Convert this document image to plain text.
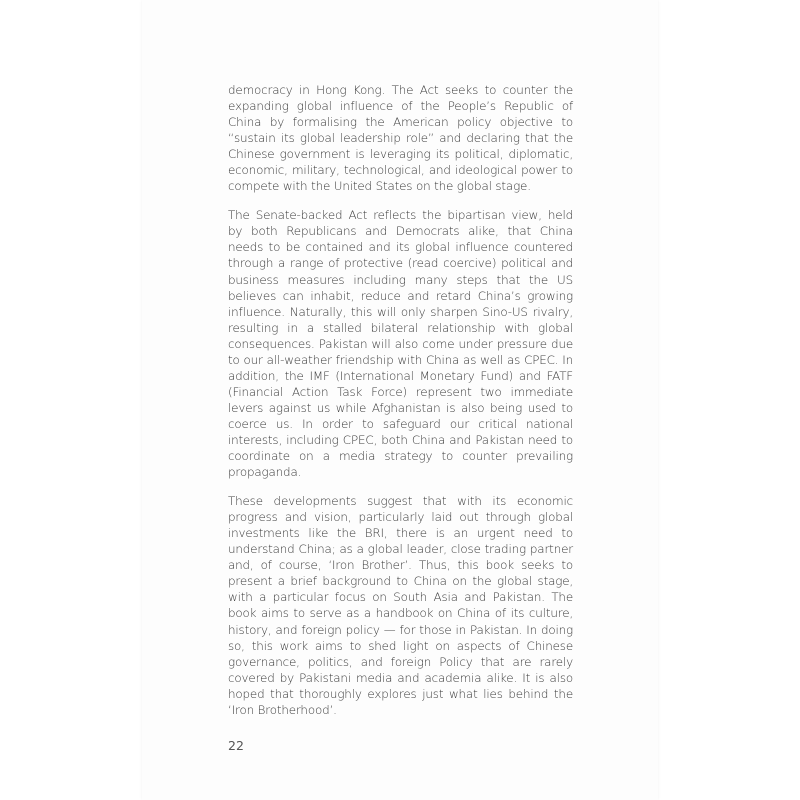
democracy in Hong Kong. The Act seeks to counter the expanding global influence of the People’s Republic of China by formalising the American policy objective to “sustain its global leadership role” and declaring that the Chinese government is leveraging its political, diplomatic, economic, military, technological, and ideological power to compete with the United States on the global stage.

The Senate-backed Act reflects the bipartisan view, held by both Republicans and Democrats alike, that China needs to be contained and its global influence countered through a range of protective (read coercive) political and business measures including many steps that the US believes can inhabit, reduce and retard China’s growing influence. Naturally, this will only sharpen Sino-US rivalry, resulting in a stalled bilateral relationship with global consequences. Pakistan will also come under pressure due to our all-weather friendship with China as well as CPEC. In addition, the IMF (International Monetary Fund) and FATF (Financial Action Task Force) represent two immediate levers against us while Afghanistan is also being used to coerce us. In order to safeguard our critical national interests, including CPEC, both China and Pakistan need to coordinate on a media strategy to counter prevailing propaganda.

These developments suggest that with its economic progress and vision, particularly laid out through global investments like the BRI, there is an urgent need to understand China; as a global leader, close trading partner and, of course, ‘Iron Brother’. Thus, this book seeks to present a brief background to China on the global stage, with a particular focus on South Asia and Pakistan. The book aims to serve as a handbook on China of its culture, history, and foreign policy — for those in Pakistan. In doing so, this work aims to shed light on aspects of Chinese governance, politics, and foreign Policy that are rarely covered by Pakistani media and academia alike. It is also hoped that thoroughly explores just what lies behind the ‘Iron Brotherhood’.

22
